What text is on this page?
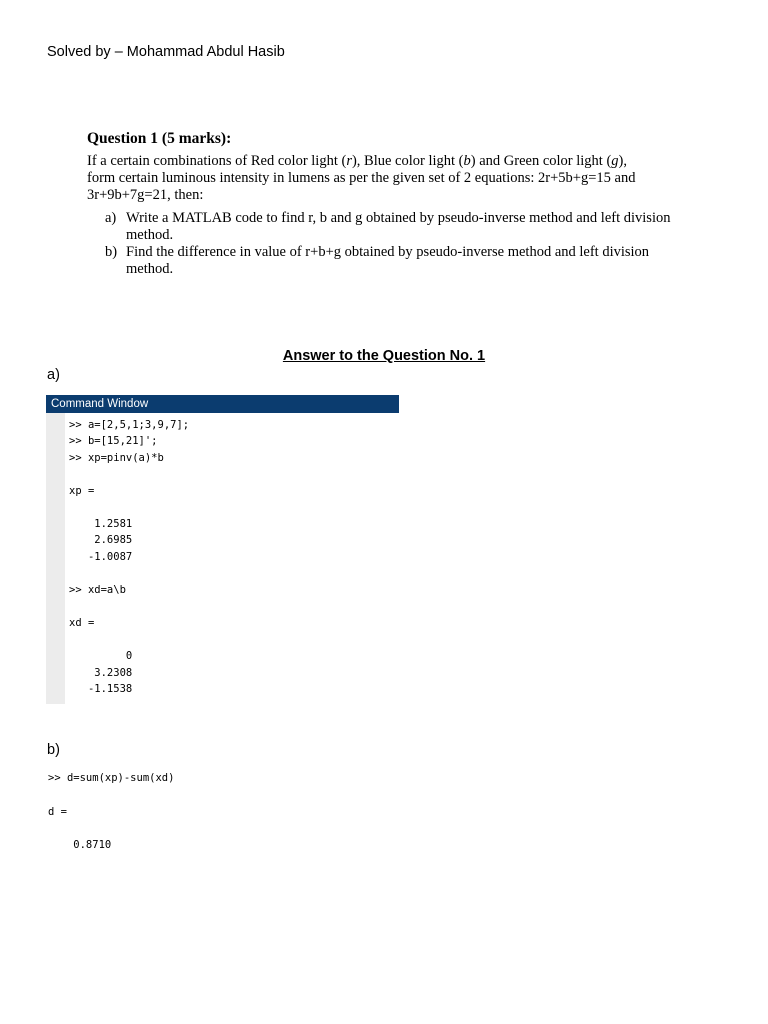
Solved by – Mohammad Abdul Hasib
Question 1 (5 marks):
If a certain combinations of Red color light (r), Blue color light (b) and Green color light (g),
form certain luminous intensity in lumens as per the given set of 2 equations: 2r+5b+g=15 and
3r+9b+7g=21, then:
a) Write a MATLAB code to find r, b and g obtained by pseudo-inverse method and left division method.
b) Find the difference in value of r+b+g obtained by pseudo-inverse method and left division method.
Answer to the Question No. 1
a)
Command Window
>> a=[2,5,1;3,9,7];
>> b=[15,21]';
>> xp=pinv(a)*b
xp =
1.2581
2.6985
-1.0087
>> xd=a\b
xd =
0
3.2308
-1.1538
b)
>> d=sum(xp)-sum(xd)
d =
0.8710
